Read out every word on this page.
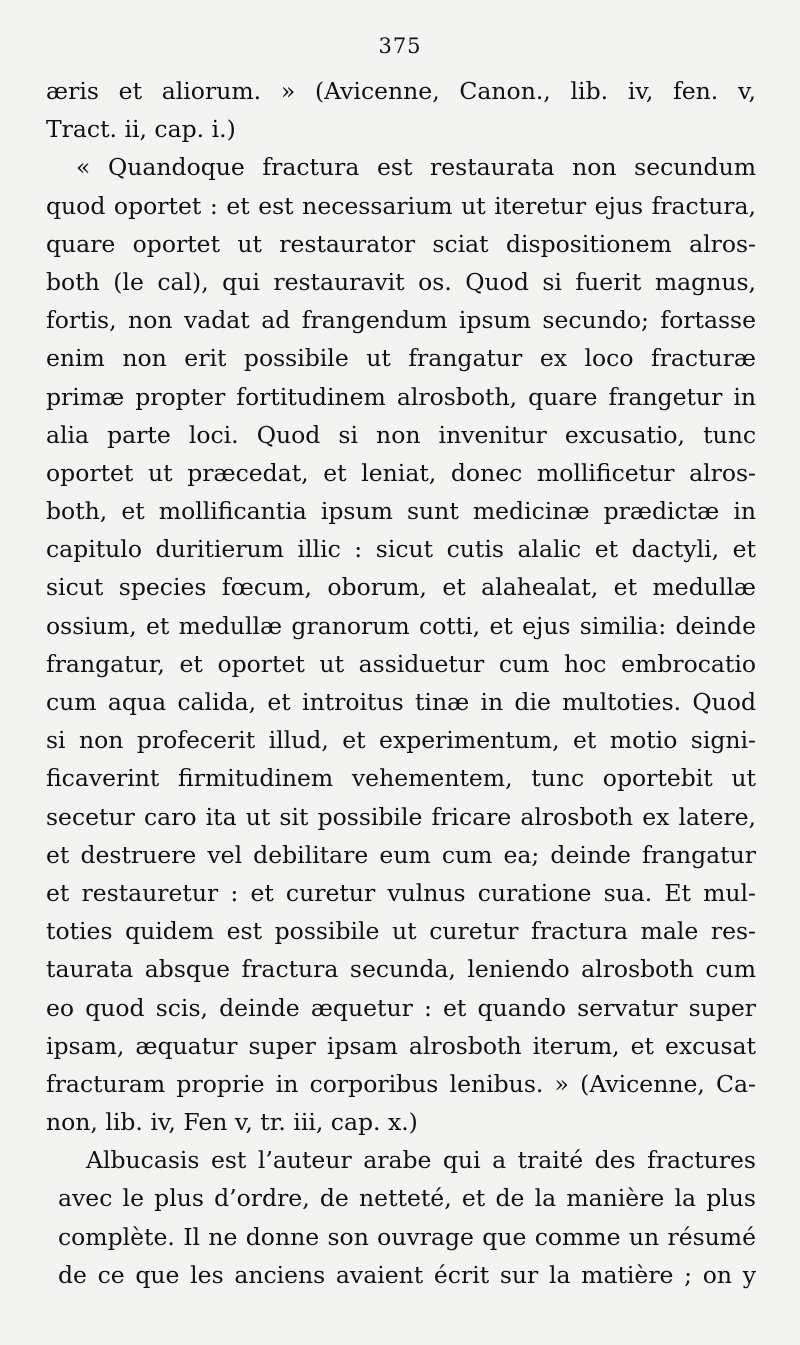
375
æris et aliorum. » (Avicenne, Canon., lib. iv, fen. v,
Tract. ii, cap. i.)
« Quandoque fractura est restaurata non secundum
quod oportet : et est necessarium ut iteretur ejus fractura,
quare oportet ut restaurator sciat dispositionem alros-
both (le cal), qui restauravit os. Quod si fuerit magnus,
fortis, non vadat ad frangendum ipsum secundo; fortasse
enim non erit possibile ut frangatur ex loco fracturæ
primæ propter fortitudinem alrosboth, quare frangetur in
alia parte loci. Quod si non invenitur excusatio, tunc
oportet ut præcedat, et leniat, donec mollificetur alros-
both, et mollificantia ipsum sunt medicinæ prædictæ in
capitulo duritierum illic : sicut cutis alalic et dactyli, et
sicut species fœcum, oborum, et alahealat, et medullæ
ossium, et medullæ granorum cotti, et ejus similia: deinde
frangatur, et oportet ut assiduetur cum hoc embrocatio
cum aqua calida, et introitus tinæ in die multoties. Quod
si non profecerit illud, et experimentum, et motio signi-
ficaverint firmitudinem vehementem, tunc oportebit ut
secetur caro ita ut sit possibile fricare alrosboth ex latere,
et destruere vel debilitare eum cum ea; deinde frangatur
et restauretur : et curetur vulnus curatione sua. Et mul-
toties quidem est possibile ut curetur fractura male res-
taurata absque fractura secunda, leniendo alrosboth cum
eo quod scis, deinde æquetur : et quando servatur super
ipsam, æquatur super ipsam alrosboth iterum, et excusat
fracturam proprie in corporibus lenibus. » (Avicenne, Ca-
non, lib. iv, Fen v, tr. iii, cap. x.)
Albucasis est l’auteur arabe qui a traité des fractures
avec le plus d’ordre, de netteté, et de la manière la plus
complète. Il ne donne son ouvrage que comme un résumé
de ce que les anciens avaient écrit sur la matière ; on y
